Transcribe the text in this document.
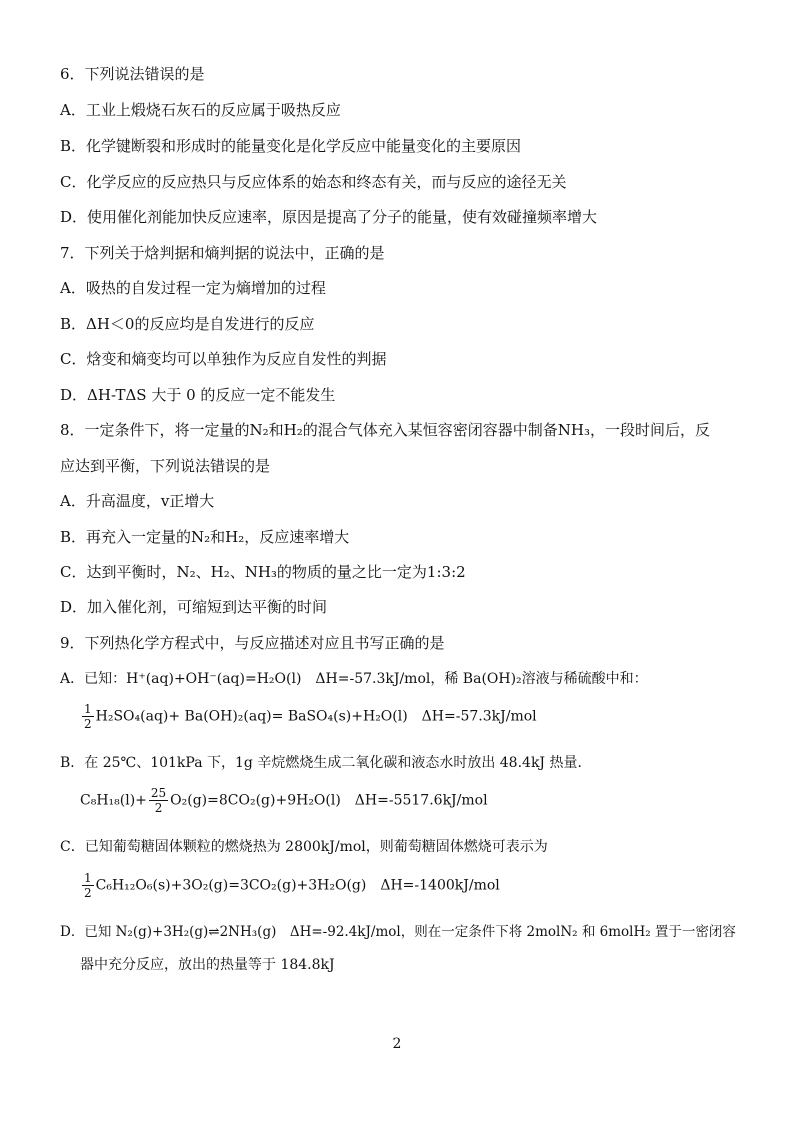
6．下列说法错误的是
A．工业上煅烧石灰石的反应属于吸热反应
B．化学键断裂和形成时的能量变化是化学反应中能量变化的主要原因
C．化学反应的反应热只与反应体系的始态和终态有关，而与反应的途径无关
D．使用催化剂能加快反应速率，原因是提高了分子的能量，使有效碰撞频率增大
7．下列关于焓判据和熵判据的说法中，正确的是
A．吸热的自发过程一定为熵增加的过程
B．ΔH＜0的反应均是自发进行的反应
C．焓变和熵变均可以单独作为反应自发性的判据
D．ΔH-TΔS 大于 0 的反应一定不能发生
8．一定条件下，将一定量的N₂和H₂的混合气体充入某恒容密闭容器中制备NH₃，一段时间后，反
应达到平衡，下列说法错误的是
A．升高温度，v正增大
B．再充入一定量的N₂和H₂，反应速率增大
C．达到平衡时，N₂、H₂、NH₃的物质的量之比一定为1:3:2
D．加入催化剂，可缩短到达平衡的时间
9．下列热化学方程式中，与反应描述对应且书写正确的是
A．已知：H⁺(aq)+OH⁻(aq)=H₂O(l)　ΔH=-57.3kJ/mol，稀 Ba(OH)₂溶液与稀硫酸中和：
$\frac{1}{2} H_2SO_4(aq)+ Ba(OH)_2(aq)=$ BaSO₄(s)+H₂O(l)　ΔH=-57.3kJ/mol
B．在 25℃、101kPa 下，1g 辛烷燃烧生成二氧化碳和液态水时放出 48.4kJ 热量．
$C_8H_{18}(l)+ \frac{25}{2} O_2(g)=8CO_2(g)+9H_2O(l)$　ΔH=-5517.6kJ/mol
C．已知葡萄糖固体颗粒的燃烧热为 2800kJ/mol，则葡萄糖固体燃烧可表示为
$\frac{1}{2} C_6H_{12}O_6(s)+3O_2(g)=3CO_2(g)+3H_2O(g)$　ΔH=-1400kJ/mol
D．已知 N₂(g)+3H₂(g)⇌2NH₃(g)　ΔH=-92.4kJ/mol，则在一定条件下将 2molN₂ 和 6molH₂ 置于一密闭容
器中充分反应，放出的热量等于 184.8kJ
2
